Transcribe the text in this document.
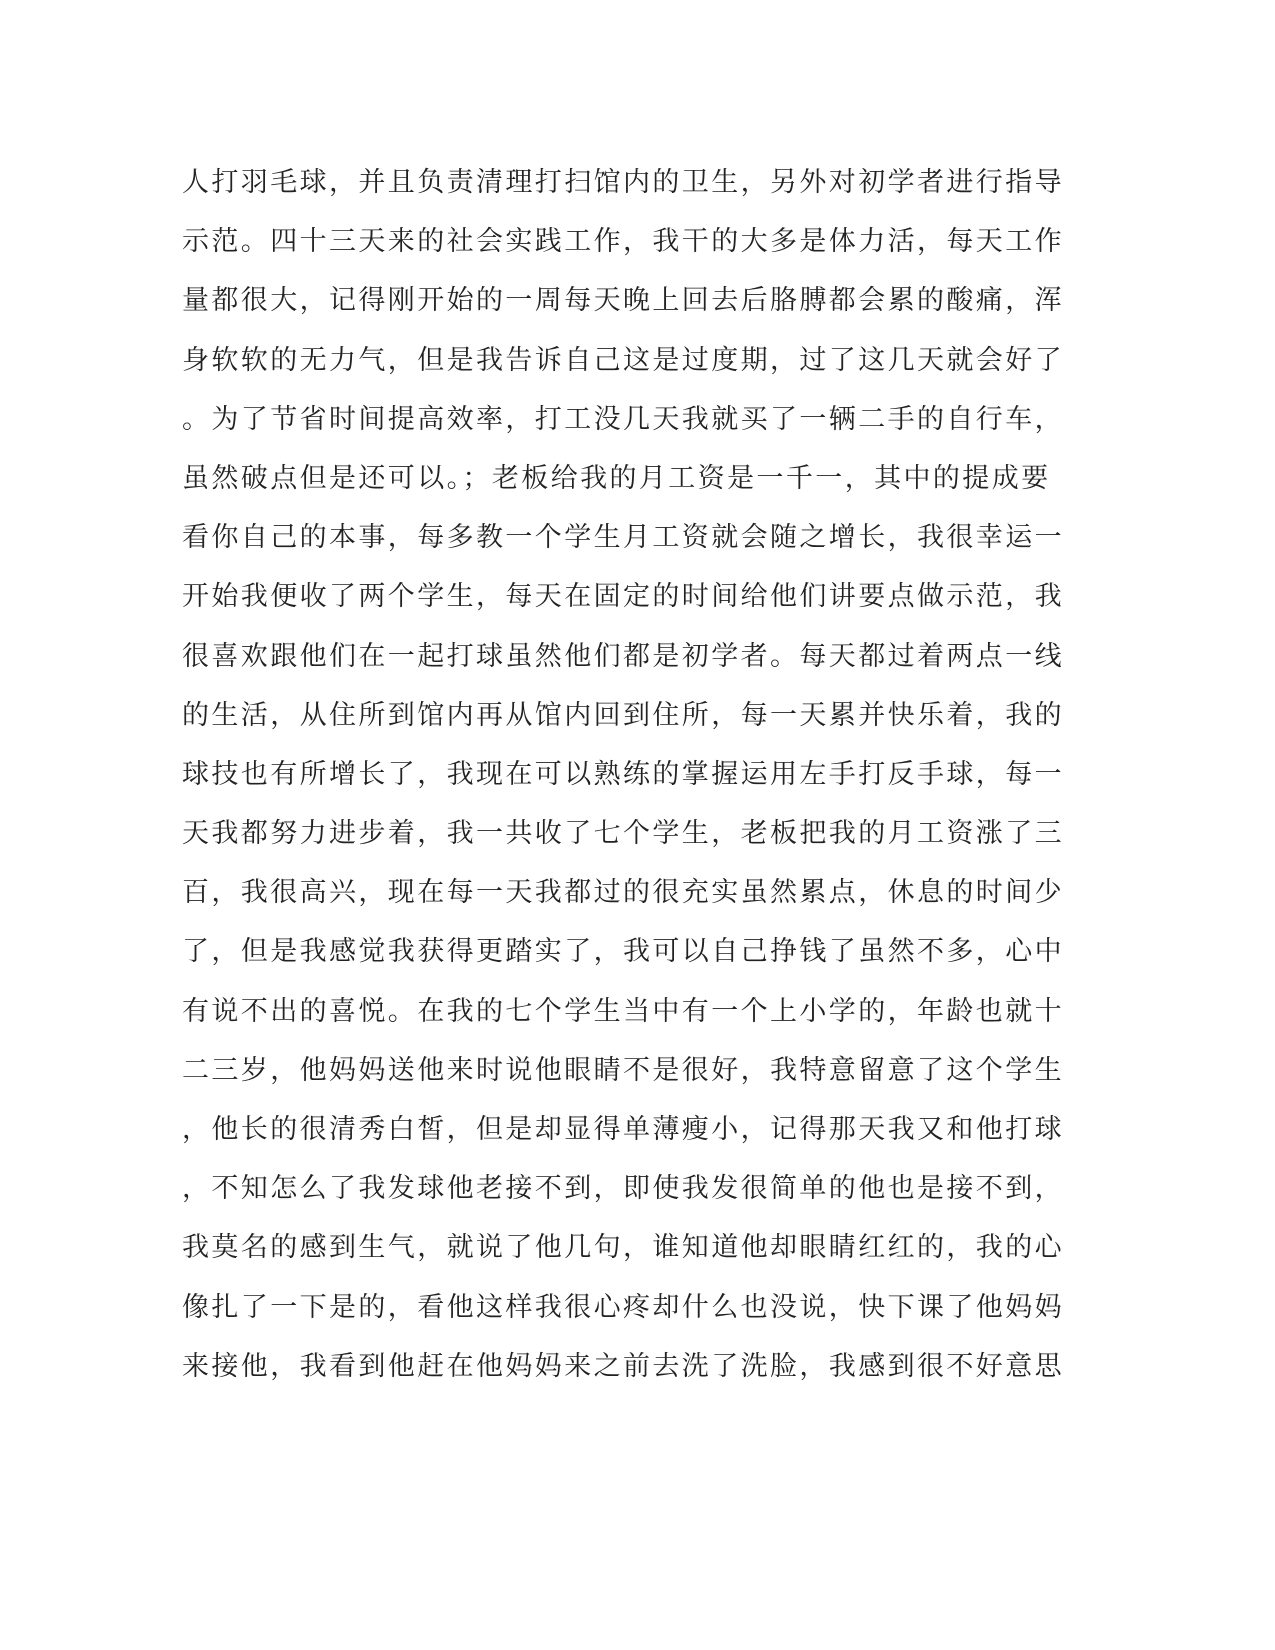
人打羽毛球，并且负责清理打扫馆内的卫生，另外对初学者进行指导
示范。四十三天来的社会实践工作，我干的大多是体力活，每天工作
量都很大，记得刚开始的一周每天晚上回去后胳膊都会累的酸痛，浑
身软软的无力气，但是我告诉自己这是过度期，过了这几天就会好了
。为了节省时间提高效率，打工没几天我就买了一辆二手的自行车，
虽然破点但是还可以。；老板给我的月工资是一千一，其中的提成要
看你自己的本事，每多教一个学生月工资就会随之增长，我很幸运一
开始我便收了两个学生，每天在固定的时间给他们讲要点做示范，我
很喜欢跟他们在一起打球虽然他们都是初学者。每天都过着两点一线
的生活，从住所到馆内再从馆内回到住所，每一天累并快乐着，我的
球技也有所增长了，我现在可以熟练的掌握运用左手打反手球，每一
天我都努力进步着，我一共收了七个学生，老板把我的月工资涨了三
百，我很高兴，现在每一天我都过的很充实虽然累点，休息的时间少
了，但是我感觉我获得更踏实了，我可以自己挣钱了虽然不多，心中
有说不出的喜悦。在我的七个学生当中有一个上小学的，年龄也就十
二三岁，他妈妈送他来时说他眼睛不是很好，我特意留意了这个学生
，他长的很清秀白皙，但是却显得单薄瘦小，记得那天我又和他打球
，不知怎么了我发球他老接不到，即使我发很简单的他也是接不到，
我莫名的感到生气，就说了他几句，谁知道他却眼睛红红的，我的心
像扎了一下是的，看他这样我很心疼却什么也没说，快下课了他妈妈
来接他，我看到他赶在他妈妈来之前去洗了洗脸，我感到很不好意思
